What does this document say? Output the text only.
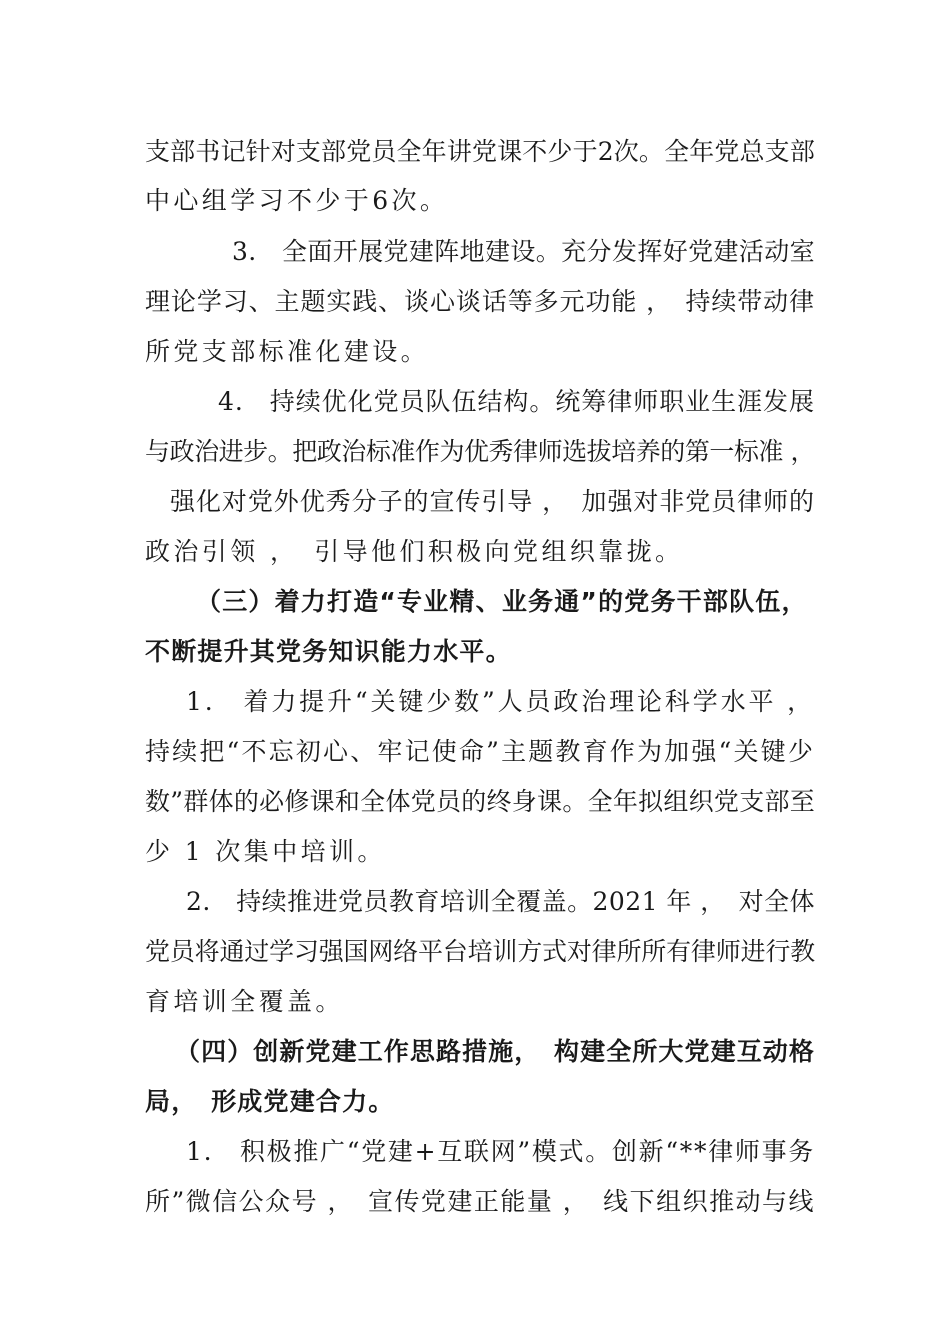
支部书记针对支部党员全年讲党课不少于2次。全年党总支部
中心组学习不少于6次。
3.　全面开展党建阵地建设。充分发挥好党建活动室
理论学习、主题实践、谈心谈话等多元功能 ，　持续带动律
所党支部标准化建设。
4.　持续优化党员队伍结构。统筹律师职业生涯发展
与政治进步。把政治标准作为优秀律师选拔培养的第一标准 ，
强化对党外优秀分子的宣传引导 ，　加强对非党员律师的
政治引领 ，　引导他们积极向党组织靠拢。
（三）着力打造“专业精、业务通”的党务干部队伍，
不断提升其党务知识能力水平。
1.　着力提升“关键少数”人员政治理论科学水平 ，
持续把“不忘初心、牢记使命”主题教育作为加强“关键少
数”群体的必修课和全体党员的终身课。全年拟组织党支部至
少 1 次集中培训。
2.　持续推进党员教育培训全覆盖。2021 年 ，　对全体
党员将通过学习强国网络平台培训方式对律所所有律师进行教
育培训全覆盖。
（四）创新党建工作思路措施，　构建全所大党建互动格
局，　形成党建合力。
1.　积极推广“党建+互联网”模式。创新“**律师事务
所”微信公众号 ，　宣传党建正能量 ，　线下组织推动与线
